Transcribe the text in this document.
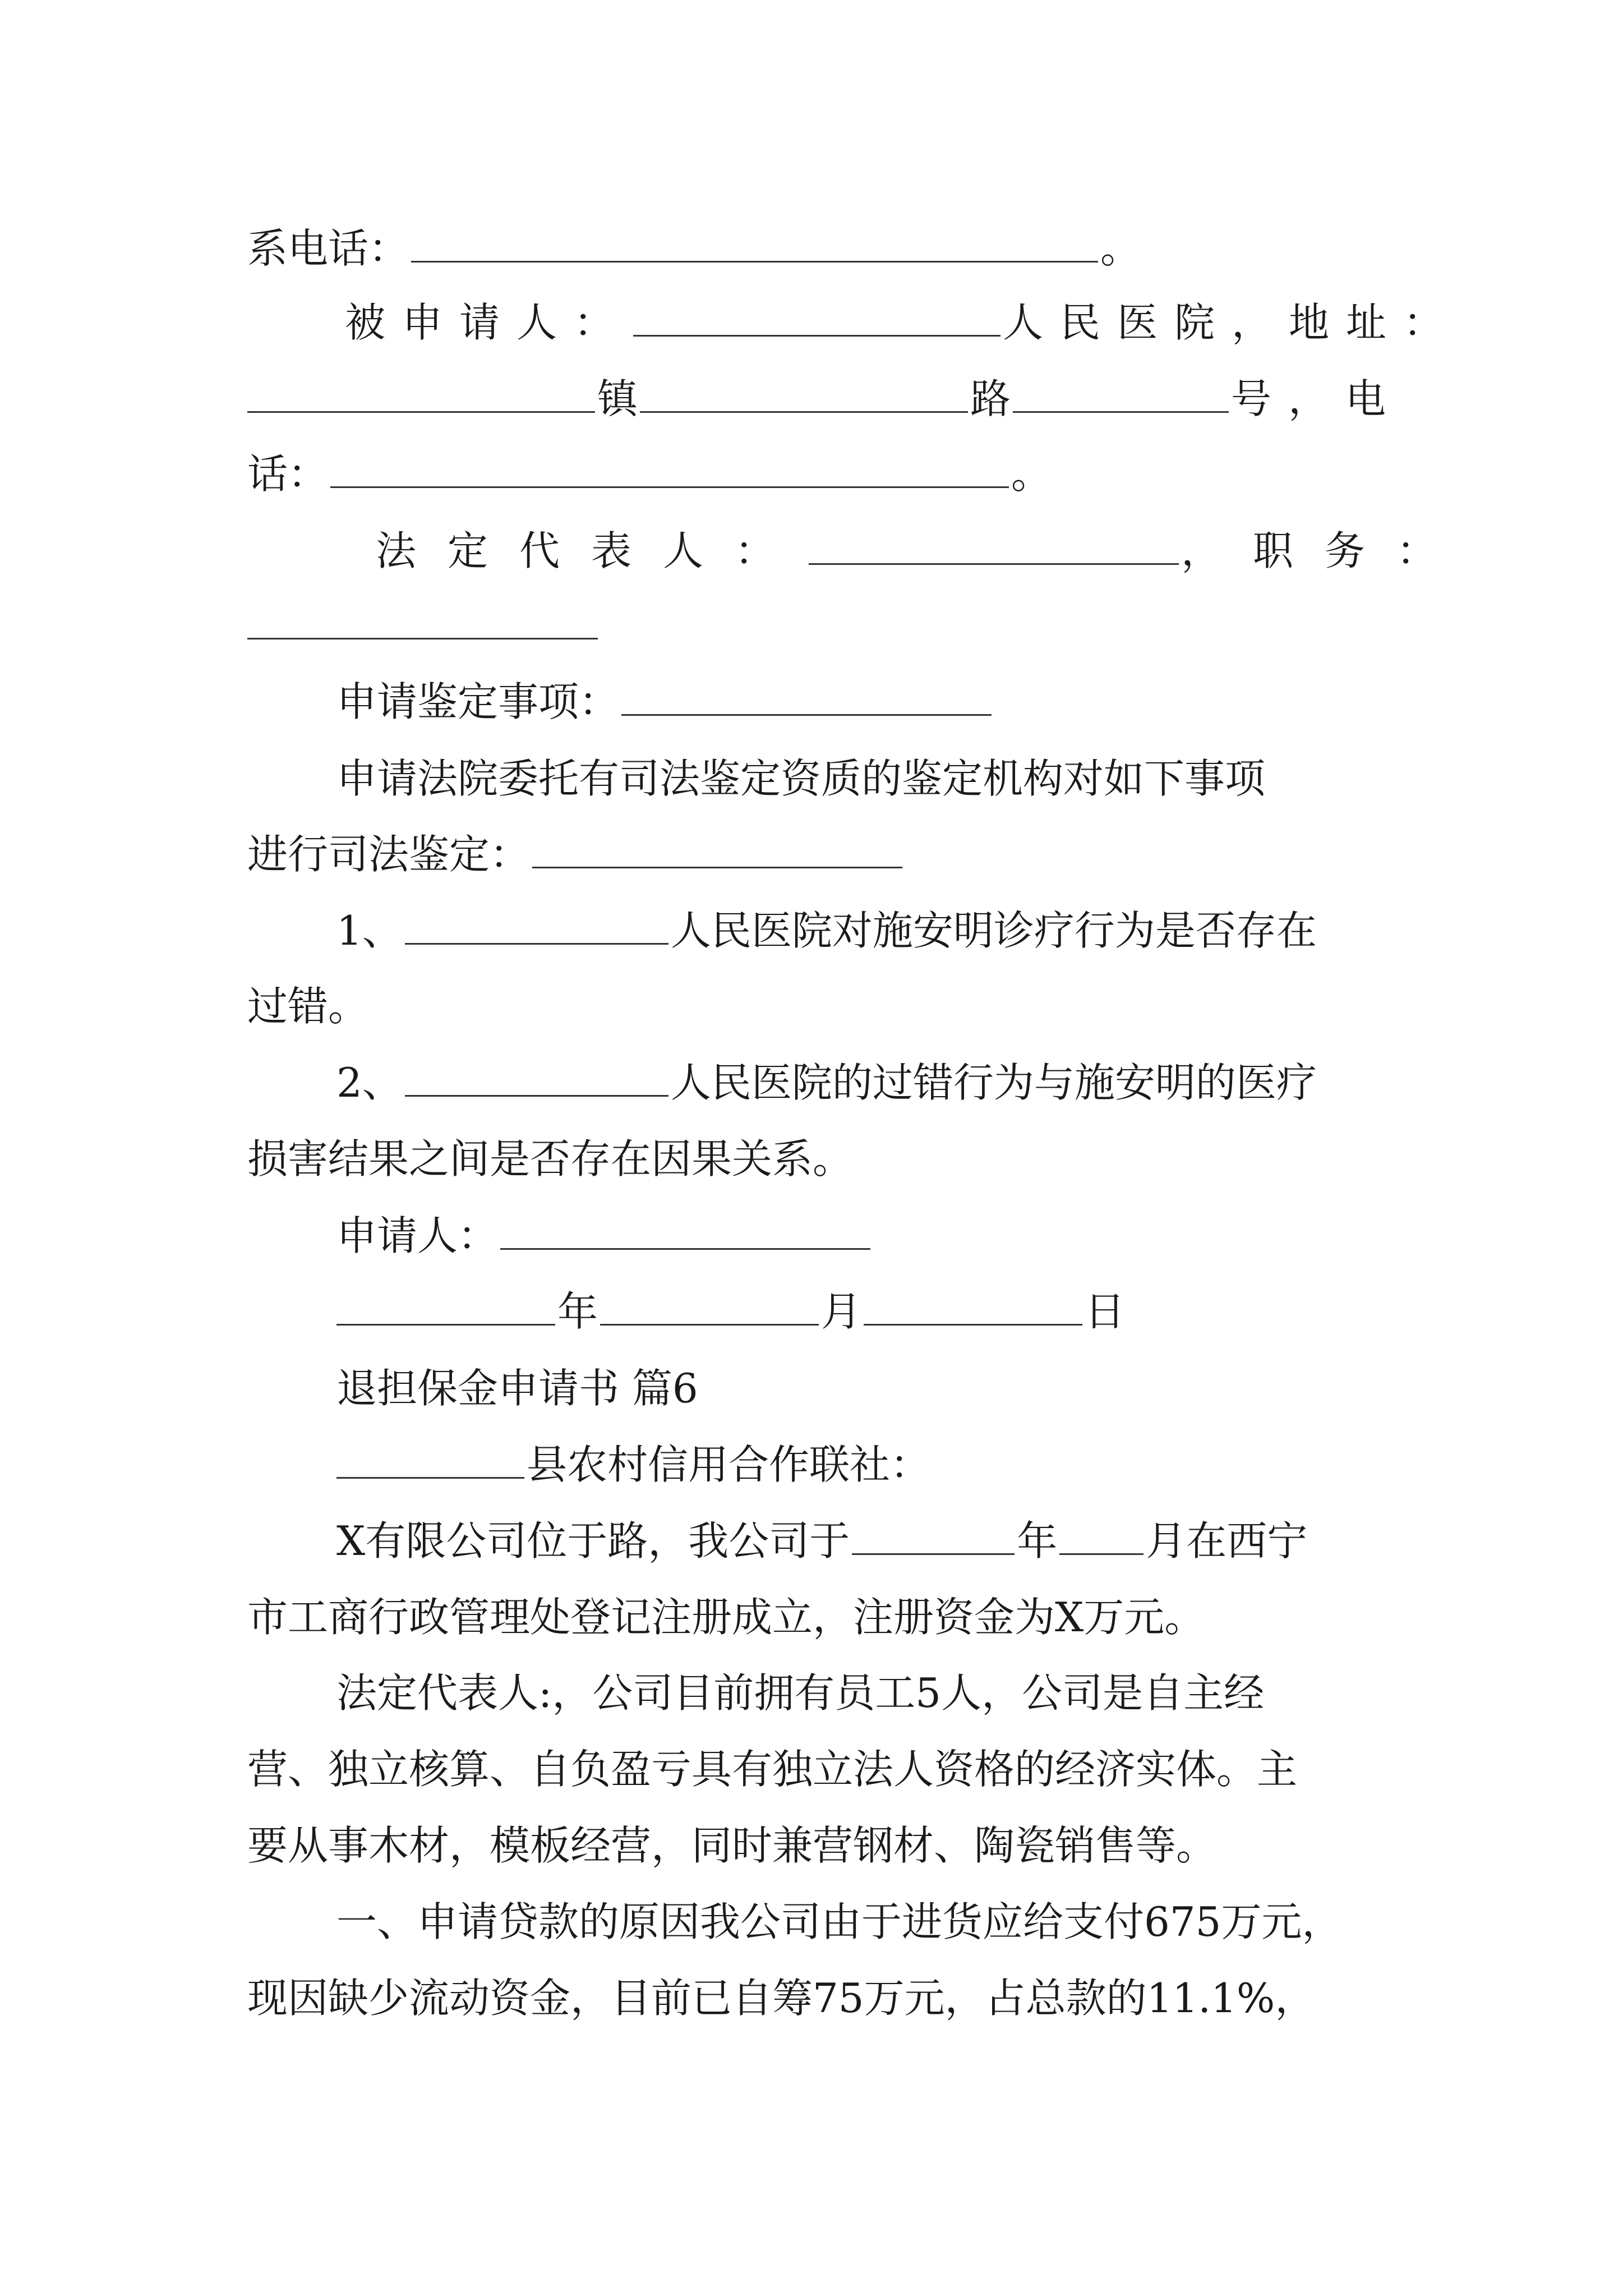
系电话：	。
被申请人：	人民医院，地址：
镇	路	号，电
话：	。
法定代表人：	，职务：
申请鉴定事项：
申请法院委托有司法鉴定资质的鉴定机构对如下事项
进行司法鉴定：
1、	人民医院对施安明诊疗行为是否存在
过错。
2、	人民医院的过错行为与施安明的医疗
损害结果之间是否存在因果关系。
申请人：
年	月	日
退担保金申请书 篇6
县农村信用合作联社：
X有限公司位于路，我公司于	年 月在西宁
市工商行政管理处登记注册成立，注册资金为X万元。
法定代表人:，公司目前拥有员工5人，公司是自主经
营、独立核算、自负盈亏具有独立法人资格的经济实体。主
要从事木材，模板经营，同时兼营钢材、陶瓷销售等。
一、申请贷款的原因我公司由于进货应给支付675万元，
现因缺少流动资金，目前已自筹75万元，占总款的11.1%，
